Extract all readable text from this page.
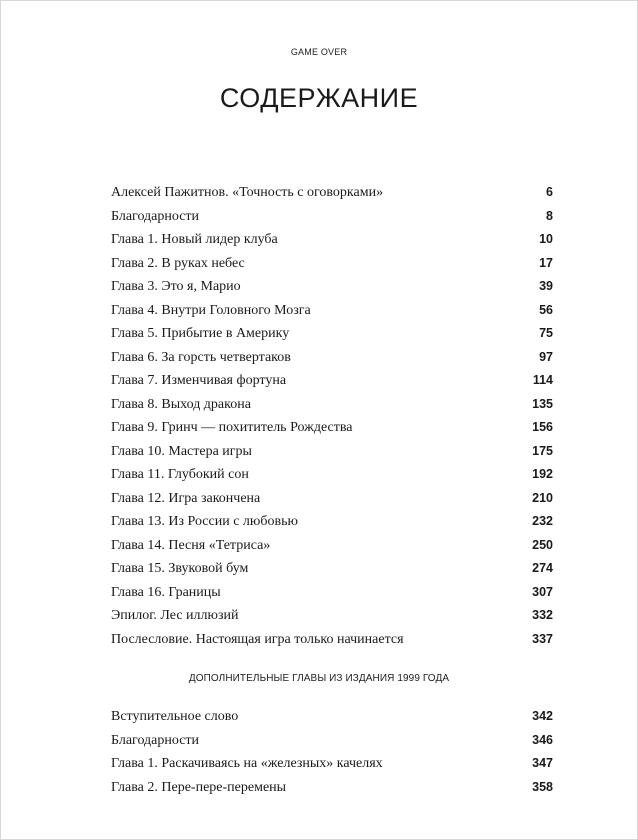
GAME OVER
СОДЕРЖАНИЕ
Алексей Пажитнов. «Точность с оговорками»	6
Благодарности	8
Глава 1. Новый лидер клуба	10
Глава 2. В руках небес	17
Глава 3. Это я, Марио	39
Глава 4. Внутри Головного Мозга	56
Глава 5. Прибытие в Америку	75
Глава 6. За горсть четвертаков	97
Глава 7. Изменчивая фортуна	114
Глава 8. Выход дракона	135
Глава 9. Гринч — похититель Рождества	156
Глава 10. Мастера игры	175
Глава 11. Глубокий сон	192
Глава 12. Игра закончена	210
Глава 13. Из России с любовью	232
Глава 14. Песня «Тетриса»	250
Глава 15. Звуковой бум	274
Глава 16. Границы	307
Эпилог. Лес иллюзий	332
Послесловие. Настоящая игра только начинается	337
ДОПОЛНИТЕЛЬНЫЕ ГЛАВЫ ИЗ ИЗДАНИЯ 1999 ГОДА
Вступительное слово	342
Благодарности	346
Глава 1. Раскачиваясь на «железных» качелях	347
Глава 2. Пере-пере-перемены	358
